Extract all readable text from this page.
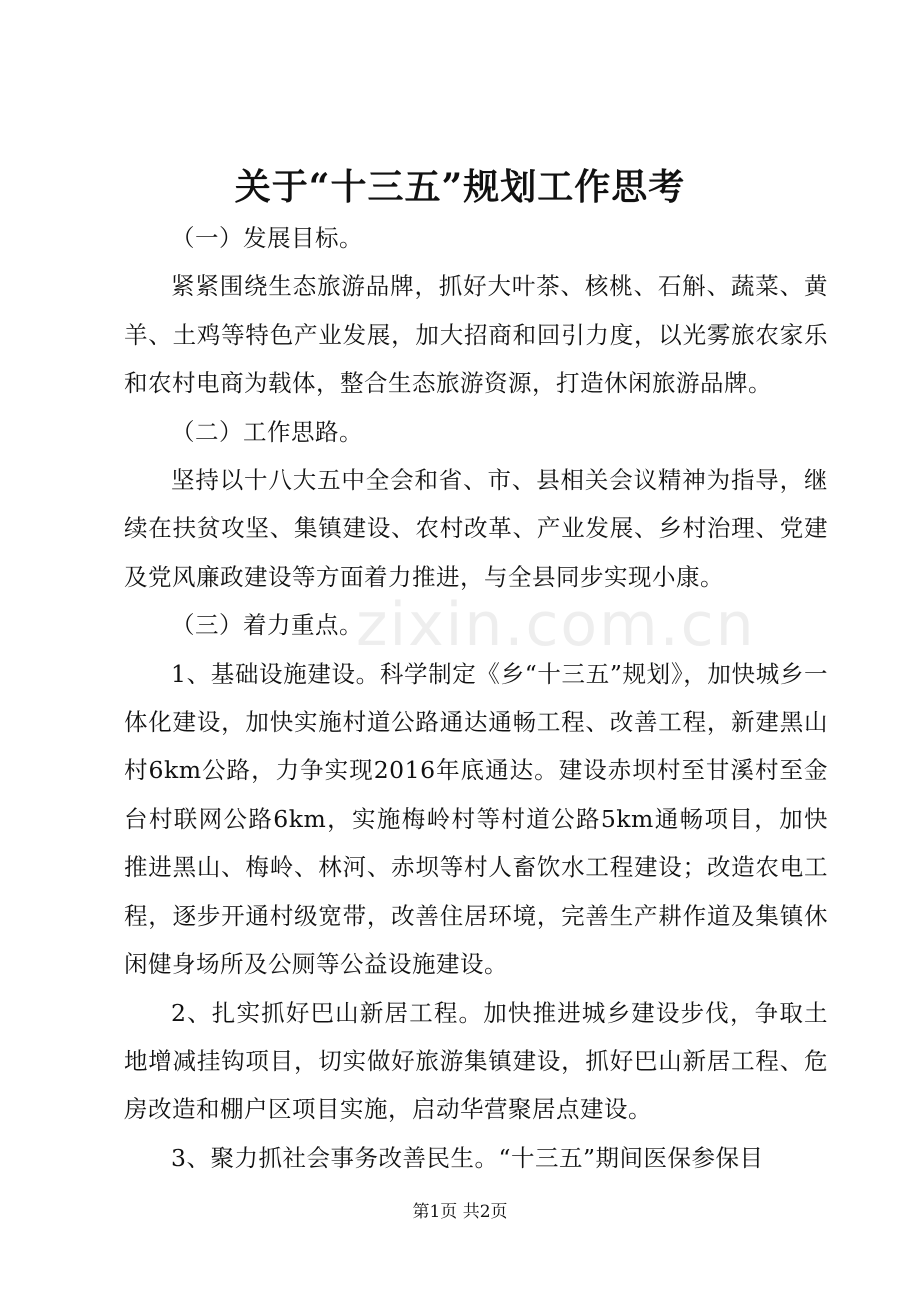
关于“十三五”规划工作思考

（一）发展目标。

紧紧围绕生态旅游品牌，抓好大叶茶、核桃、石斛、蔬菜、黄羊、土鸡等特色产业发展，加大招商和回引力度，以光雾旅农家乐和农村电商为载体，整合生态旅游资源，打造休闲旅游品牌。

（二）工作思路。

坚持以十八大五中全会和省、市、县相关会议精神为指导，继续在扶贫攻坚、集镇建设、农村改革、产业发展、乡村治理、党建及党风廉政建设等方面着力推进，与全县同步实现小康。

（三）着力重点。

1、基础设施建设。科学制定《乡“十三五”规划》，加快城乡一体化建设，加快实施村道公路通达通畅工程、改善工程，新建黑山村6km公路，力争实现2016年底通达。建设赤坝村至甘溪村至金台村联网公路6km，实施梅岭村等村道公路5km通畅项目，加快推进黑山、梅岭、林河、赤坝等村人畜饮水工程建设；改造农电工程，逐步开通村级宽带，改善住居环境，完善生产耕作道及集镇休闲健身场所及公厕等公益设施建设。

2、扎实抓好巴山新居工程。加快推进城乡建设步伐，争取土地增减挂钩项目，切实做好旅游集镇建设，抓好巴山新居工程、危房改造和棚户区项目实施，启动华营聚居点建设。

3、聚力抓社会事务改善民生。“十三五”期间医保参保目

zixin.com.cn
第1页 共2页
